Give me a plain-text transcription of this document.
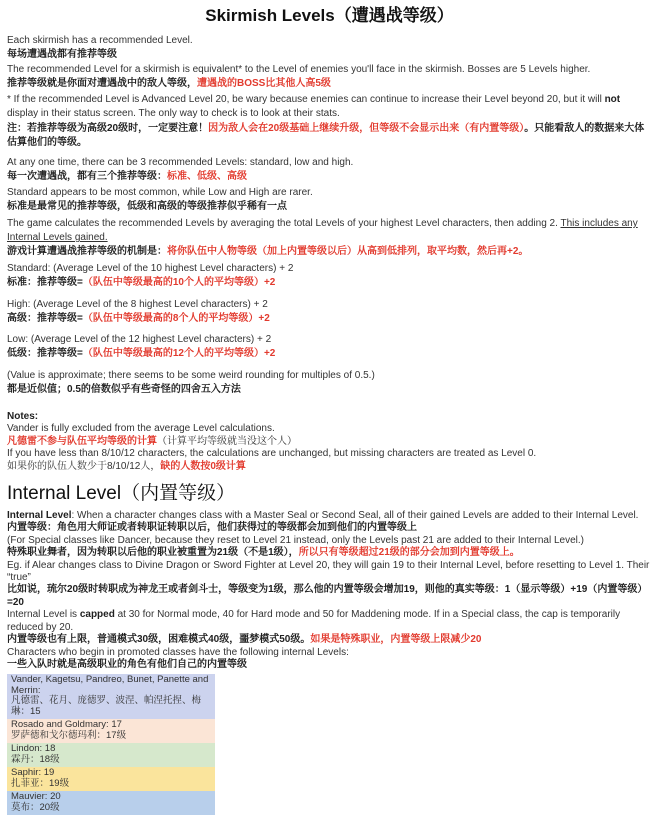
Skirmish Levels（遭遇战等级）

Each skirmish has a recommended Level.

每场遭遇战都有推荐等级

The recommended Level for a skirmish is equivalent* to the Level of enemies you'll face in the skirmish. Bosses are 5 Levels higher.

推荐等级就是你面对遭遇战中的敌人等级，遭遇战的BOSS比其他人高5级

* If the recommended Level is Advanced Level 20, be wary because enemies can continue to increase their Level beyond 20, but it will not display in their status screen. The only way to check is to look at their stats.

注：若推荐等级为高级20级时，一定要注意！因为敌人会在20级基础上继续升级，但等级不会显示出来（有内置等级）。只能看敌人的数据来大体估算他们的等级。

At any one time, there can be 3 recommended Levels: standard, low and high.

每一次遭遇战，都有三个推荐等级：标准、低级、高级

Standard appears to be most common, while Low and High are rarer.

标准是最常见的推荐等级，低级和高级的等级推荐似乎稀有一点

The game calculates the recommended Levels by averaging the total Levels of your highest Level characters, then adding 2. This includes any Internal Levels gained.

游戏计算遭遇战推荐等级的机制是：将你队伍中人物等级（加上内置等级以后）从高到低排列，取平均数，然后再+2。

Standard: (Average Level of the 10 highest Level characters) + 2

标准：推荐等级=（队伍中等级最高的10个人的平均等级）+2

High: (Average Level of the 8 highest Level characters) + 2

高级：推荐等级=（队伍中等级最高的8个人的平均等级）+2

Low: (Average Level of the 12 highest Level characters) + 2

低级：推荐等级=（队伍中等级最高的12个人的平均等级）+2

(Value is approximate; there seems to be some weird rounding for multiples of 0.5.)

都是近似值；0.5的倍数似乎有些奇怪的四舍五入方法

Notes:

Vander is fully excluded from the average Level calculations.

凡德雷不参与队伍平均等级的计算（计算平均等级就当没这个人）

If you have less than 8/10/12 characters, the calculations are unchanged, but missing characters are treated as Level 0.

如果你的队伍人数少于8/10/12人，缺的人数按0级计算

Internal Level（内置等级）

Internal Level: When a character changes class with a Master Seal or Second Seal, all of their gained Levels are added to their Internal Level.

内置等级：角色用大师证或者转职证转职以后，他们获得过的等级都会加到他们的内置等级上

(For Special classes like Dancer, because they reset to Level 21 instead, only the Levels past 21 are added to their Internal Level.)

特殊职业舞者，因为转职以后他的职业被重置为21级（不是1级），所以只有等级超过21级的部分会加到内置等级上。

Eg. if Alear changes class to Divine Dragon or Sword Fighter at Level 20, they will gain 19 to their Internal Level, before resetting to Level 1. Their “true”

比如说，琉尔20级时转职成为神龙王或者剑斗士，等级变为1级，那么他的内置等级会增加19，则他的真实等级：1（显示等级）+19（内置等级）=20

Internal Level is capped at 30 for Normal mode, 40 for Hard mode and 50 for Maddening mode. If in a Special class, the cap is temporarily reduced by 20.

内置等级也有上限，普通模式30级，困难模式40级，噩梦模式50级。如果是特殊职业，内置等级上限减少20

Characters who begin in promoted classes have the following internal Levels:

一些入队时就是高级职业的角色有他们自己的内置等级

Vander, Kagetsu, Pandreo, Bunet, Panette and Merrin:
凡德雷、花月、庞德罗、波涅、帕涅托捏、梅琳：15
Rosado and Goldmary: 17
罗萨德和戈尔德玛利：17级
Lindon: 18
霖丹：18级
Saphir: 19
扎菲亚：19级
Mauvier: 20
莫布：20级
